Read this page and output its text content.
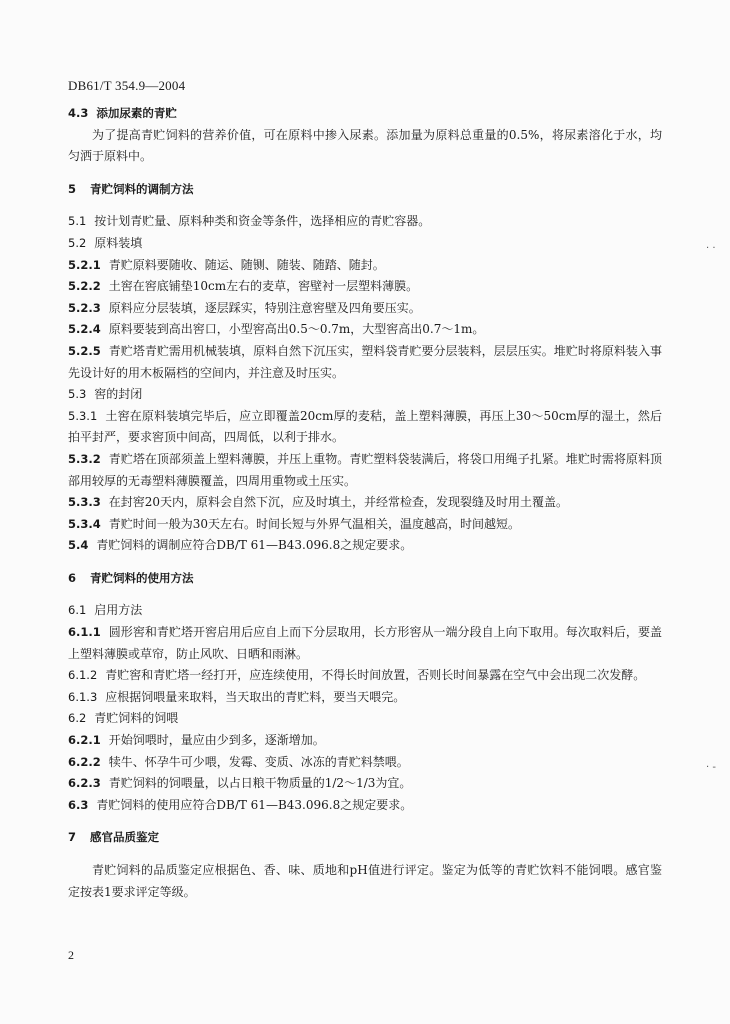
DB61/T 354.9—2004
4.3 添加尿素的青贮
为了提高青贮饲料的营养价值，可在原料中掺入尿素。添加量为原料总重量的0.5%，将尿素溶化于水，均匀洒于原料中。
5 青贮饲料的调制方法
5.1 按计划青贮量、原料种类和资金等条件，选择相应的青贮容器。
5.2 原料装填
5.2.1 青贮原料要随收、随运、随铡、随装、随踏、随封。
5.2.2 土窖在窖底铺垫10cm左右的麦草，窖壁衬一层塑料薄膜。
5.2.3 原料应分层装填，逐层踩实，特别注意窖壁及四角要压实。
5.2.4 原料要装到高出窖口，小型窖高出0.5～0.7m，大型窖高出0.7～1m。
5.2.5 青贮塔青贮需用机械装填，原料自然下沉压实，塑料袋青贮要分层装料，层层压实。堆贮时将原料装入事先设计好的用木板隔档的空间内，并注意及时压实。
5.3 窖的封闭
5.3.1 土窖在原料装填完毕后，应立即覆盖20cm厚的麦秸，盖上塑料薄膜，再压上30～50cm厚的湿土，然后拍平封严，要求窖顶中间高，四周低，以利于排水。
5.3.2 青贮塔在顶部须盖上塑料薄膜，并压上重物。青贮塑料袋装满后，将袋口用绳子扎紧。堆贮时需将原料顶部用较厚的无毒塑料薄膜覆盖，四周用重物或土压实。
5.3.3 在封窖20天内，原料会自然下沉，应及时填土，并经常检查，发现裂缝及时用土覆盖。
5.3.4 青贮时间一般为30天左右。时间长短与外界气温相关，温度越高，时间越短。
5.4 青贮饲料的调制应符合DB/T 61—B43.096.8之规定要求。
6 青贮饲料的使用方法
6.1 启用方法
6.1.1 圆形窖和青贮塔开窖启用后应自上而下分层取用，长方形窖从一端分段自上向下取用。每次取料后，要盖上塑料薄膜或草帘，防止风吹、日晒和雨淋。
6.1.2 青贮窖和青贮塔一经打开，应连续使用，不得长时间放置，否则长时间暴露在空气中会出现二次发酵。
6.1.3 应根据饲喂量来取料，当天取出的青贮料，要当天喂完。
6.2 青贮饲料的饲喂
6.2.1 开始饲喂时，量应由少到多，逐渐增加。
6.2.2 犊牛、怀孕牛可少喂，发霉、变质、冰冻的青贮料禁喂。
6.2.3 青贮饲料的饲喂量，以占日粮干物质量的1/2～1/3为宜。
6.3 青贮饲料的使用应符合DB/T 61—B43.096.8之规定要求。
7 感官品质鉴定
青贮饲料的品质鉴定应根据色、香、味、质地和pH值进行评定。鉴定为低等的青贮饮料不能饲喂。感官鉴定按表1要求评定等级。
2
· ·
· -
